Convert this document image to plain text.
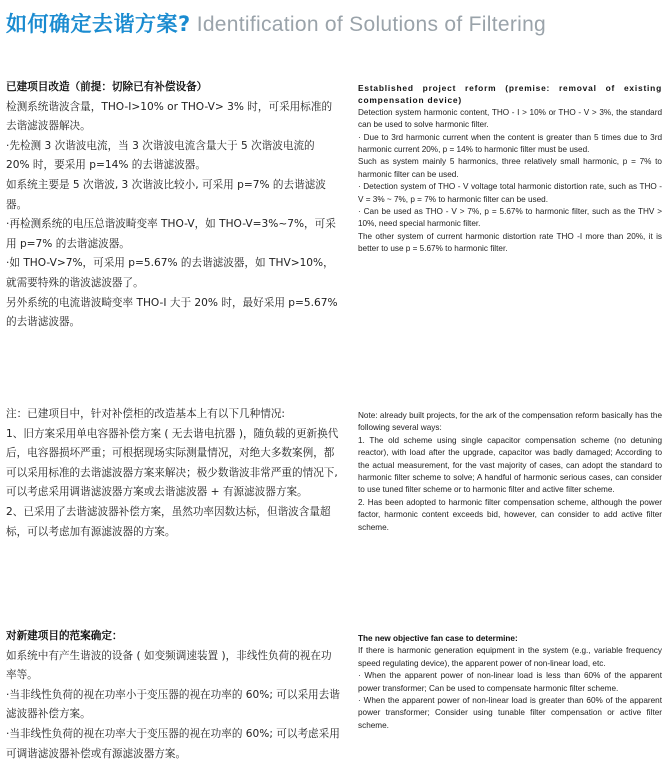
如何确定去谐方案? Identification of Solutions of Filtering

已建项目改造（前提：切除已有补偿设备）

检测系统谐波含量，THO-I>10% or THO-V> 3% 时，可采用标准的去谐滤波器解决。

·先检测 3 次谐波电流，当 3 次谐波电流含量大于 5 次谐波电流的 20% 时，要采用 p=14% 的去谐滤波器。

如系统主要是 5 次谐波, 3 次谐波比较小, 可采用 p=7% 的去谐滤波器。

·再检测系统的电压总谐波畸变率 THO-V，如 THO-V=3%~7%，可采用 p=7% 的去谐滤波器。

·如 THO-V>7%，可采用 p=5.67% 的去谐滤波器，如 THV>10%，就需要特殊的谐波滤波器了。

另外系统的电流谐波畸变率 THO-I 大于 20% 时，最好采用 p=5.67% 的去谐滤波器。

Established project reform (premise: removal of existing compensation device)

Detection system harmonic content, THO - I > 10% or THO - V > 3%, the standard can be used to solve harmonic filter.

· Due to 3rd harmonic current when the content is greater than 5 times due to 3rd harmonic current 20%, p = 14% to harmonic filter must be used.

Such as system mainly 5 harmonics, three relatively small harmonic, p = 7% to harmonic filter can be used.

· Detection system of THO - V voltage total harmonic distortion rate, such as THO - V = 3% ~ 7%, p = 7% to harmonic filter can be used.

· Can be used as THO - V > 7%, p = 5.67% to harmonic filter, such as the THV > 10%, need special harmonic filter.

The other system of current harmonic distortion rate THO -I more than 20%, it is better to use p = 5.67% to harmonic filter.

注：已建项目中，针对补偿柜的改造基本上有以下几种情况:

1、旧方案采用单电容器补偿方案 ( 无去谐电抗器 )，随负载的更新换代后，电容器损坏严重；可根据现场实际测量情况，对绝大多数案例，都可以采用标准的去谐滤波器方案来解决；极少数谐波非常严重的情况下, 可以考虑采用调谐滤波器方案或去谐滤波器 + 有源滤波器方案。

2、已采用了去谐滤波器补偿方案，虽然功率因数达标，但谐波含量超标，可以考虑加有源滤波器的方案。

Note: already built projects, for the ark of the compensation reform basically has the following several ways:

1. The old scheme using single capacitor compensation scheme (no detuning reactor), with load after the upgrade, capacitor was badly damaged; According to the actual measurement, for the vast majority of cases, can adopt the standard to harmonic filter scheme to solve; A handful of harmonic serious cases, can consider to use tuned filter scheme or to harmonic filter and active filter scheme.

2. Has been adopted to harmonic filter compensation scheme, although the power factor, harmonic content exceeds bid, however, can consider to add active filter scheme.

对新建项目的范案确定：

如系统中有产生谐波的设备 ( 如变频调速装置 )，非线性负荷的视在功率等。

·当非线性负荷的视在功率小于变压器的视在功率的 60%; 可以采用去谐滤波器补偿方案。

·当非线性负荷的视在功率大于变压器的视在功率的 60%; 可以考虑采用可调谐滤波器补偿或有源滤波器方案。

The new objective fan case to determine:

If there is harmonic generation equipment in the system (e.g., variable frequency speed regulating device), the apparent power of non-linear load, etc.

· When the apparent power of non-linear load is less than 60% of the apparent power transformer; Can be used to compensate harmonic filter scheme.

· When the apparent power of non-linear load is greater than 60% of the apparent power transformer; Consider using tunable filter compensation or active filter scheme.
